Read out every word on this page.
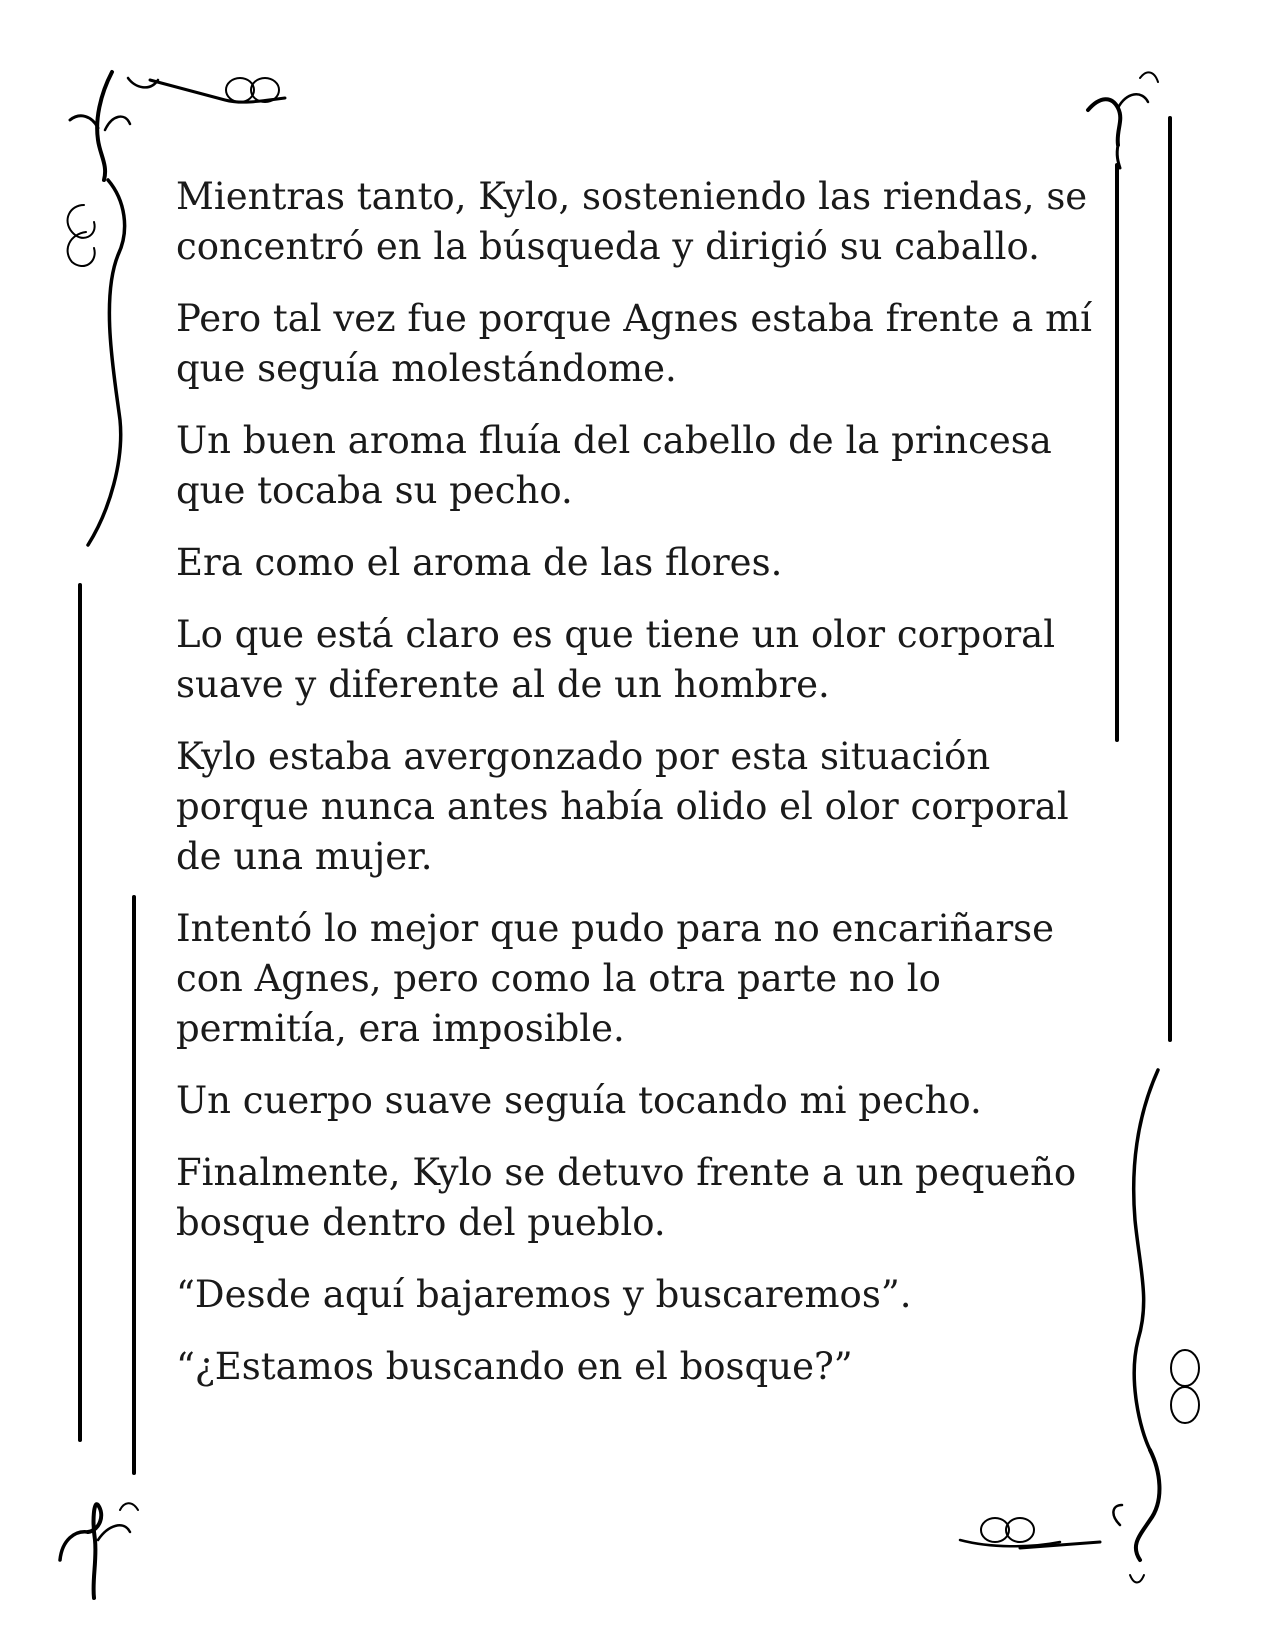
Mientras tanto, Kylo, sosteniendo las riendas, se concentró en la búsqueda y dirigió su caballo.

Pero tal vez fue porque Agnes estaba frente a mí que seguía molestándome.

Un buen aroma fluía del cabello de la princesa que tocaba su pecho.

Era como el aroma de las flores.

Lo que está claro es que tiene un olor corporal suave y diferente al de un hombre.

Kylo estaba avergonzado por esta situación porque nunca antes había olido el olor corporal de una mujer.

Intentó lo mejor que pudo para no encariñarse con Agnes, pero como la otra parte no lo permitía, era imposible.

Un cuerpo suave seguía tocando mi pecho.

Finalmente, Kylo se detuvo frente a un pequeño bosque dentro del pueblo.

“Desde aquí bajaremos y buscaremos”.

“¿Estamos buscando en el bosque?”
